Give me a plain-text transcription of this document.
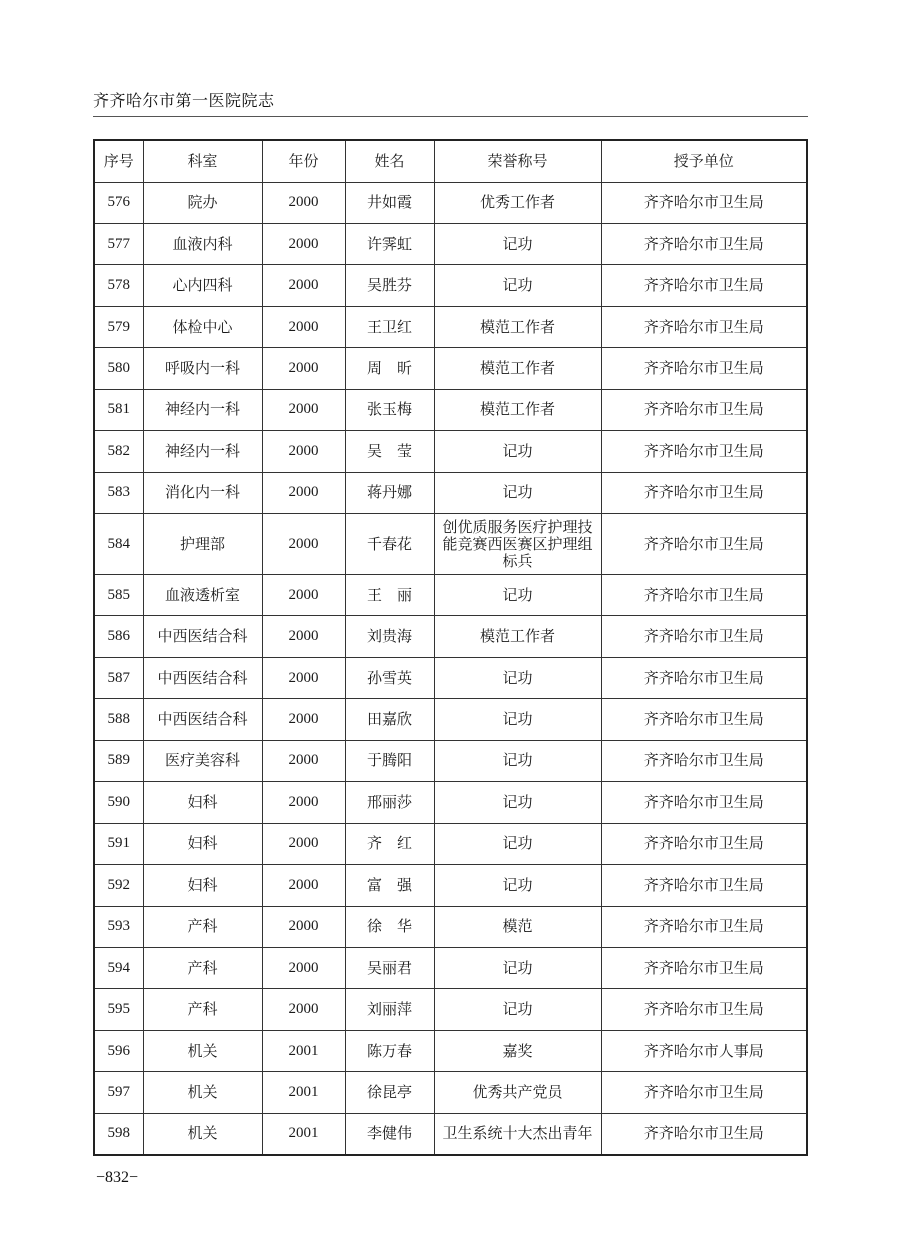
齐齐哈尔市第一医院院志
序号	科室	年份	姓名	荣誉称号	授予单位
576	院办	2000	井如霞	优秀工作者	齐齐哈尔市卫生局
577	血液内科	2000	许霁虹	记功	齐齐哈尔市卫生局
578	心内四科	2000	吴胜芬	记功	齐齐哈尔市卫生局
579	体检中心	2000	王卫红	模范工作者	齐齐哈尔市卫生局
580	呼吸内一科	2000	周　昕	模范工作者	齐齐哈尔市卫生局
581	神经内一科	2000	张玉梅	模范工作者	齐齐哈尔市卫生局
582	神经内一科	2000	吴　莹	记功	齐齐哈尔市卫生局
583	消化内一科	2000	蒋丹娜	记功	齐齐哈尔市卫生局
584	护理部	2000	千春花	创优质服务医疗护理技能竞赛西医赛区护理组标兵	齐齐哈尔市卫生局
585	血液透析室	2000	王　丽	记功	齐齐哈尔市卫生局
586	中西医结合科	2000	刘贵海	模范工作者	齐齐哈尔市卫生局
587	中西医结合科	2000	孙雪英	记功	齐齐哈尔市卫生局
588	中西医结合科	2000	田嘉欣	记功	齐齐哈尔市卫生局
589	医疗美容科	2000	于腾阳	记功	齐齐哈尔市卫生局
590	妇科	2000	邢丽莎	记功	齐齐哈尔市卫生局
591	妇科	2000	齐　红	记功	齐齐哈尔市卫生局
592	妇科	2000	富　强	记功	齐齐哈尔市卫生局
593	产科	2000	徐　华	模范	齐齐哈尔市卫生局
594	产科	2000	吴丽君	记功	齐齐哈尔市卫生局
595	产科	2000	刘丽萍	记功	齐齐哈尔市卫生局
596	机关	2001	陈万春	嘉奖	齐齐哈尔市人事局
597	机关	2001	徐昆亭	优秀共产党员	齐齐哈尔市卫生局
598	机关	2001	李健伟	卫生系统十大杰出青年	齐齐哈尔市卫生局
−832−
